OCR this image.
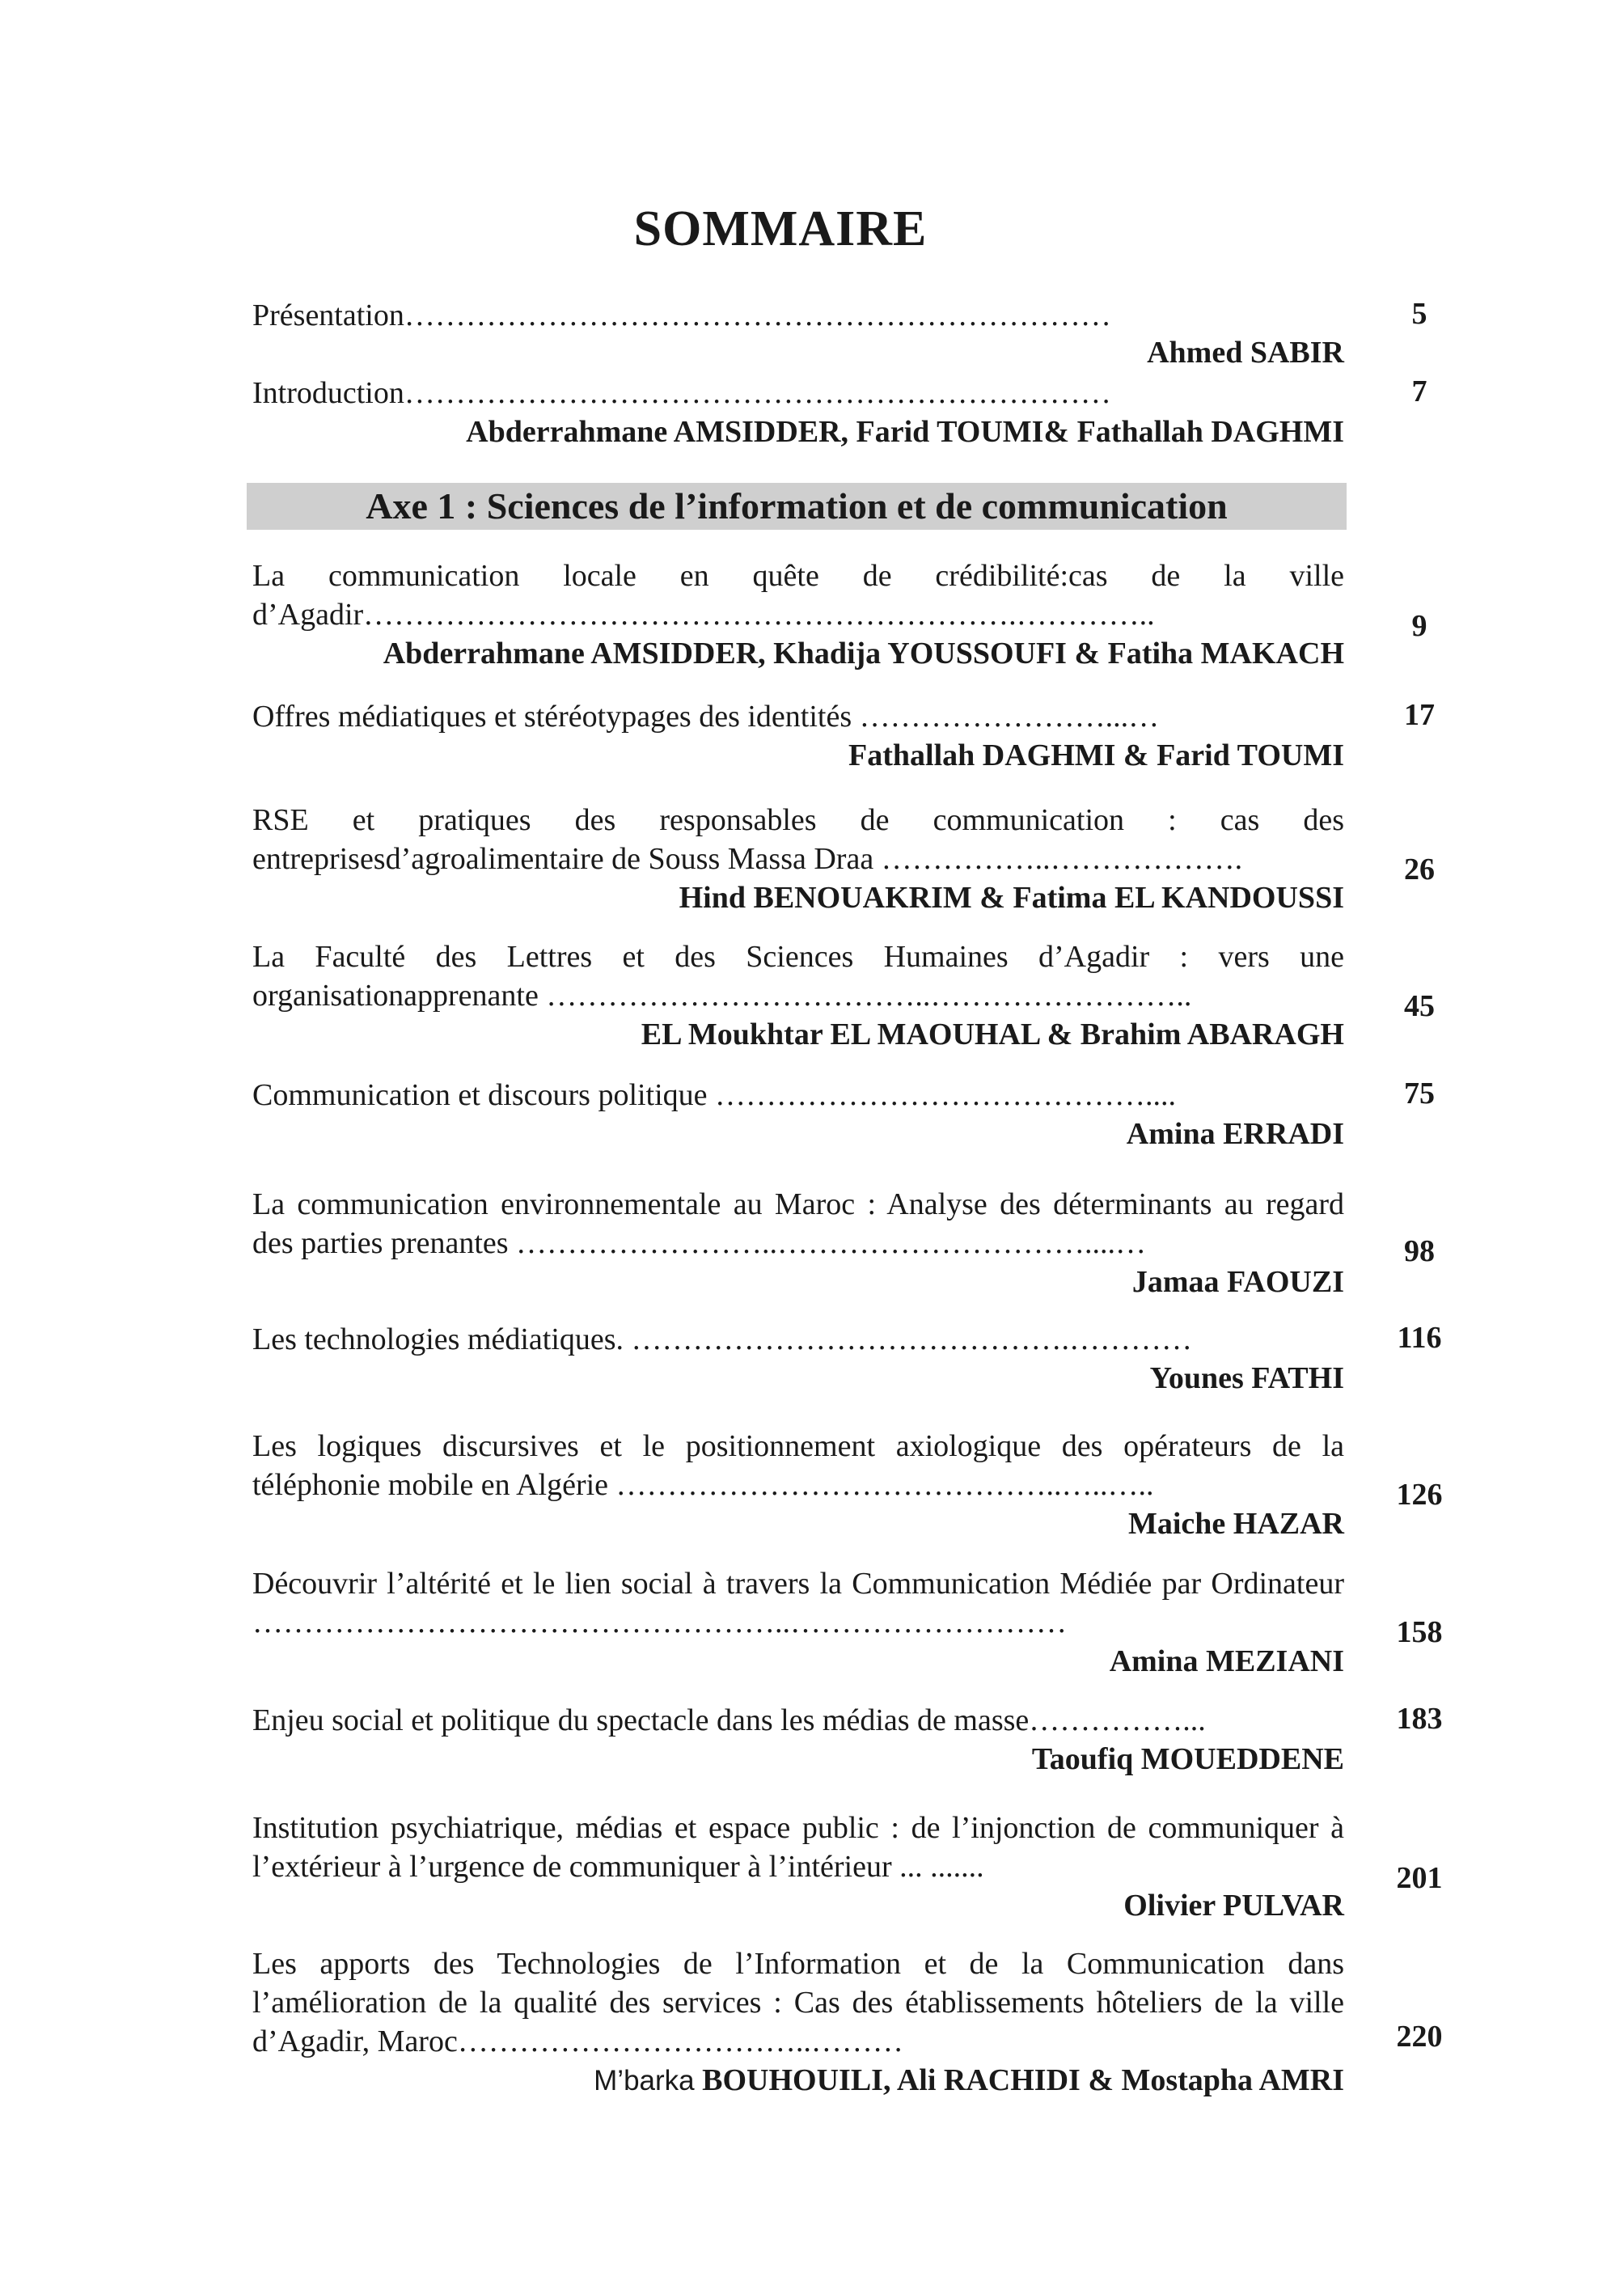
SOMMAIRE
Présentation……………………………………………………………
Ahmed SABIR
5
Introduction……………………………………………………………
Abderrahmane AMSIDDER, Farid TOUMI& Fathallah DAGHMI
7
Axe 1 : Sciences de l’information et de communication
La communication locale en quête de crédibilité:cas de la ville d’Agadir……………………………………………………….…………..
Abderrahmane AMSIDDER, Khadija YOUSSOUFI & Fatiha MAKACH
9
Offres médiatiques et stéréotypages des identités ……………………...…
Fathallah DAGHMI & Farid TOUMI
17
RSE et pratiques des responsables de communication : cas des entreprisesd’agroalimentaire de Souss Massa Draa ……………..……………….
Hind BENOUAKRIM & Fatima EL KANDOUSSI
26
La Faculté des Lettres et des Sciences Humaines d’Agadir : vers une organisationapprenante ………………………………..……………………..
EL Moukhtar EL MAOUHAL & Brahim ABARAGH
45
Communication et discours politique ……………………………………....
Amina ERRADI
75
La communication environnementale au Maroc : Analyse des déterminants au regard des parties prenantes ……………………..…………………………....…
Jamaa FAOUZI
98
Les technologies médiatiques. …………………………………….…………
Younes FATHI
116
Les logiques discursives et le positionnement axiologique des opérateurs de la téléphonie mobile en Algérie ……………………………………..…..…..
Maiche HAZAR
126
Découvrir l’altérité et le lien social à travers la Communication Médiée par Ordinateur ……………………………………………..………………………
Amina MEZIANI
158
Enjeu social et politique du spectacle dans les médias de masse……………...
Taoufiq MOUEDDENE
183
Institution psychiatrique, médias et espace public : de l’injonction de communiquer à l’extérieur à l’urgence de communiquer à l’intérieur ... .......
Olivier PULVAR
201
Les apports des Technologies de l’Information et de la Communication dans l’amélioration de la qualité des services : Cas des établissements hôteliers de la ville d’Agadir, Maroc……………………………..………
M’barka BOUHOUILI, Ali RACHIDI & Mostapha AMRI
220
